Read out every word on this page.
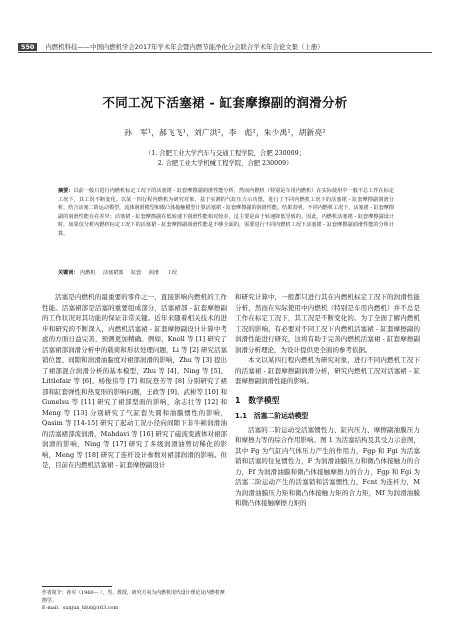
550	内燃机科技——中国内燃机学会2017年学术年会暨内燃节能净化分会联合学术年会论文集（上册）
不同工况下活塞裙 - 缸套摩擦副的润滑分析
孙　军¹，郝飞飞¹，刘广洪²，李　彪²，朱少禹¹，胡新亮²
（1. 合肥工业大学汽车与交通工程学院，合肥 230009；
2. 合肥工业大学机械工程学院，合肥 230009）
摘要：以前一般只进行内燃机标定工况下的活塞裙 - 缸套摩擦副润滑性能分析，然而内燃机（特别是车用内燃机）在实际使用中一般不总工作在标定工况下，其工况不断变化。以某一四行程内燃机为研究对象，基于实测的气缸压力示功图，进行了不同内燃机工况下的活塞裙 - 缸套摩擦副润滑分析。结合活塞二阶运动模型，流体润滑模型和微凸体接触模型计算活塞裙 - 缸套摩擦副的润滑性能。结果表明，不同内燃机工况下，活塞裙 - 缸套摩擦副的润滑性能存在差异；活塞裙 - 缸套摩擦副在低转速下润滑性能相对较差，这主要是由于转速降低导致的。因此，内燃机活塞裙 - 缸套摩擦副设计时，如果仅分析内燃机标定工况下的活塞裙 - 缸套摩擦副润滑性能是不够全面的，需要进行不同内燃机工况下活塞裙 - 缸套摩擦副润滑性能的分析计算。
关键词： 内燃机 活塞裙部 缸套 润滑 工况

活塞是内燃机的最重要的零件之一，直接影响内燃机的工作性能。活塞裙部是活塞的重要组成部分，活塞裙部 - 缸套摩擦副的工作状况对其功能的保证非常关键。近年来随着相关技术的进步和研究的不断深入，内燃机活塞裙 - 缸套摩擦副设计计算中考虑的方面日益完善，预测更加精确。例如，Knoll 等 [1] 研究了活塞裙部润滑分析中的载荷和形状处理问题，Li 等 [2] 研究活塞销位置、间隙和润滑油黏度对裙部润滑的影响，Zhu 等 [3] 提出了裙部混合润滑分析的基本模型，Zhu 等 [4]、Ning 等 [5]、Littlefair 等 [6]、杨俊伟等 [7] 和阮登芳等 [8] 分别研究了裙部和缸套弹性和热变形的影响问题，王政等 [9]、武彬等 [10] 和 Gunelsu 等 [11] 研究了裙部型面的影响，余志壮等 [12] 和 Meng 等 [13] 分别研究了气缸套失圆和油膜惯性的影响，Qasim 等 [14-15] 研究了起动工况小径向间隙下非牛顿润滑油的活塞裙部流润滑，Mahdavi 等 [16] 研究了磁流变液体对裙部润滑的影响，Ning 等 [17] 研究了多级润滑油剪切稀化的影响，Meng 等 [18] 研究了连杆设计参数对裙部润滑的影响。但是，目前在内燃机活塞裙 - 缸套摩擦副设计

和研究计算中，一般都只进行其在内燃机标定工况下的润滑性能分析，然而在实际使用中内燃机（特别是车用内燃机）并不总是工作在标定工况下，其工况是不断变化的。为了全面了解内燃机工况的影响，有必要对不同工况下内燃机活塞裙 - 缸套摩擦副的润滑性能进行研究，这将有助于完善内燃机活塞裙 - 缸套摩擦副润滑分析理论，为设计提供更全面的参考依据。

本文以某四行程内燃机为研究对象，进行不同内燃机工况下的活塞裙 - 缸套摩擦副润滑分析，研究内燃机工况对活塞裙 - 缸套摩擦副润滑性能的影响。

1　数学模型
1.1　活塞二阶运动模型

活塞的二阶运动受活塞惯性力、缸内压力、摩擦副油膜压力和摩擦力等的综合作用影响。图 1 为活塞结构及其受力示意图，其中 Fg 为气缸内气体压力产生的作用力，Fgp 和 Fgi 为活塞销和活塞的往复惯性力，F 为润滑油膜压力和微凸体接触力的合力，Ff 为润滑油膜和微凸体接触摩擦力的合力，Fgp 和 Fgi 为活塞二阶运动产生的活塞销和活塞惯性力，Fcnt 为连杆力，M 为润滑油膜压力矩和微凸体接触力矩的合力矩，Mf 为润滑油膜和微凸体接触摩擦力矩的

作者简介：孙军（1960— ），男，教授，研究方向为内燃机现代设计理论及内燃机摩擦学。
E-mail：sunjun_hfut@163.com
